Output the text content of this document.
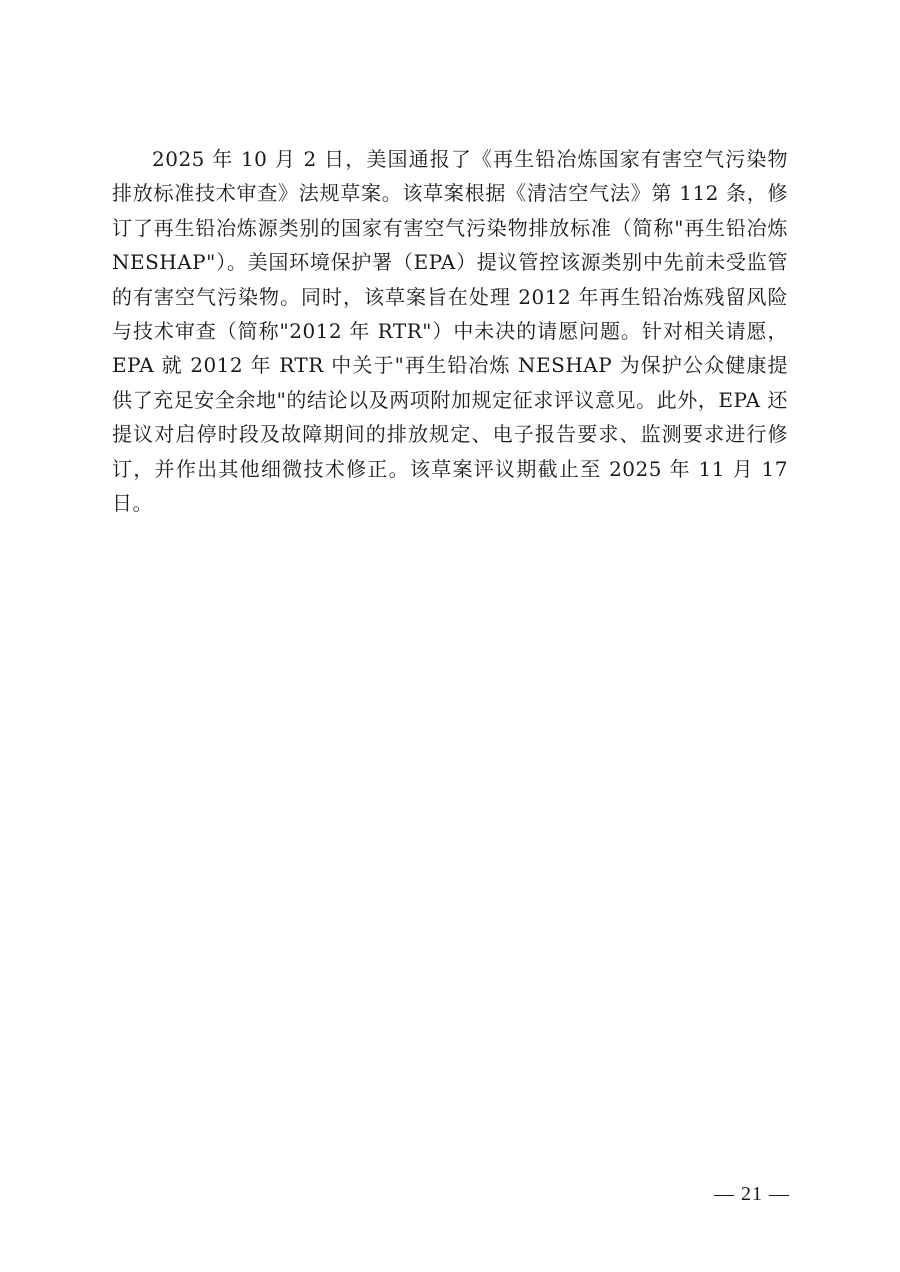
2025 年 10 月 2 日，美国通报了《再生铅冶炼国家有害空气污染物排放标准技术审查》法规草案。该草案根据《清洁空气法》第 112 条，修订了再生铅冶炼源类别的国家有害空气污染物排放标准（简称"再生铅冶炼NESHAP"）。美国环境保护署（EPA）提议管控该源类别中先前未受监管的有害空气污染物。同时，该草案旨在处理 2012 年再生铅冶炼残留风险与技术审查（简称"2012 年 RTR"）中未决的请愿问题。针对相关请愿，EPA 就 2012 年 RTR 中关于"再生铅冶炼 NESHAP 为保护公众健康提供了充足安全余地"的结论以及两项附加规定征求评议意见。此外，EPA 还提议对启停时段及故障期间的排放规定、电子报告要求、监测要求进行修订，并作出其他细微技术修正。该草案评议期截止至 2025 年 11 月 17 日。

— 21 —
